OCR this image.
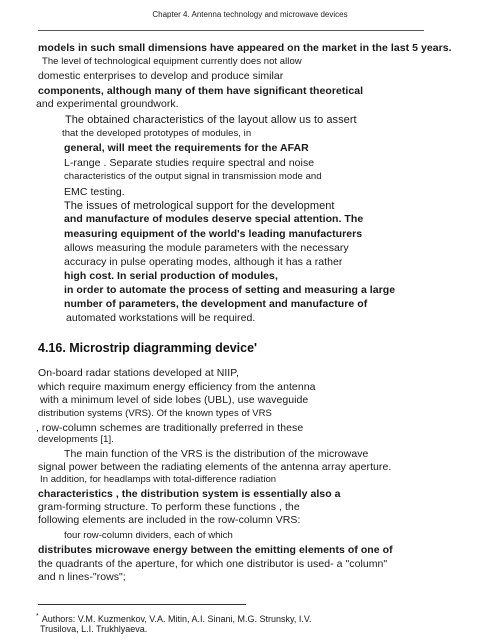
Chapter 4. Antenna technology and microwave devices
models in such small dimensions have appeared on the market in the last 5 years.
The level of technological equipment currently does not allow
domestic enterprises to develop and produce similar
components, although many of them have significant theoretical
and experimental groundwork.
The obtained characteristics of the layout allow us to assert
that the developed prototypes of modules, in
general, will meet the requirements for the AFAR
L-range . Separate studies require spectral and noise
characteristics of the output signal in transmission mode and
EMC testing.
The issues of metrological support for the development
and manufacture of modules deserve special attention. The
measuring equipment of the world's leading manufacturers
allows measuring the module parameters with the necessary
accuracy in pulse operating modes, although it has a rather
high cost. In serial production of modules,
in order to automate the process of setting and measuring a large
number of parameters, the development and manufacture of
automated workstations will be required.
4.16. Microstrip diagramming device'
On-board radar stations developed at NIIP,
which require maximum energy efficiency from the antenna
with a minimum level of side lobes (UBL), use waveguide
distribution systems (VRS). Of the known types of VRS
, row-column schemes are traditionally preferred in these
developments [1].
The main function of the VRS is the distribution of the microwave
signal power between the radiating elements of the antenna array aperture.
In addition, for headlamps with total-difference radiation
characteristics , the distribution system is essentially also a
gram-forming structure. To perform these functions , the
following elements are included in the row-column VRS:
four row-column dividers, each of which
distributes microwave energy between the emitting elements of one of
the quadrants of the aperture, for which one distributor is used- a "column"
and n lines-"rows";
* Authors: V.M. Kuzmenkov, V.A. Mitin, A.I. Sinani, M.G. Strunsky, I.V.
Trusilova, L.I. Trukhlyaeva.
